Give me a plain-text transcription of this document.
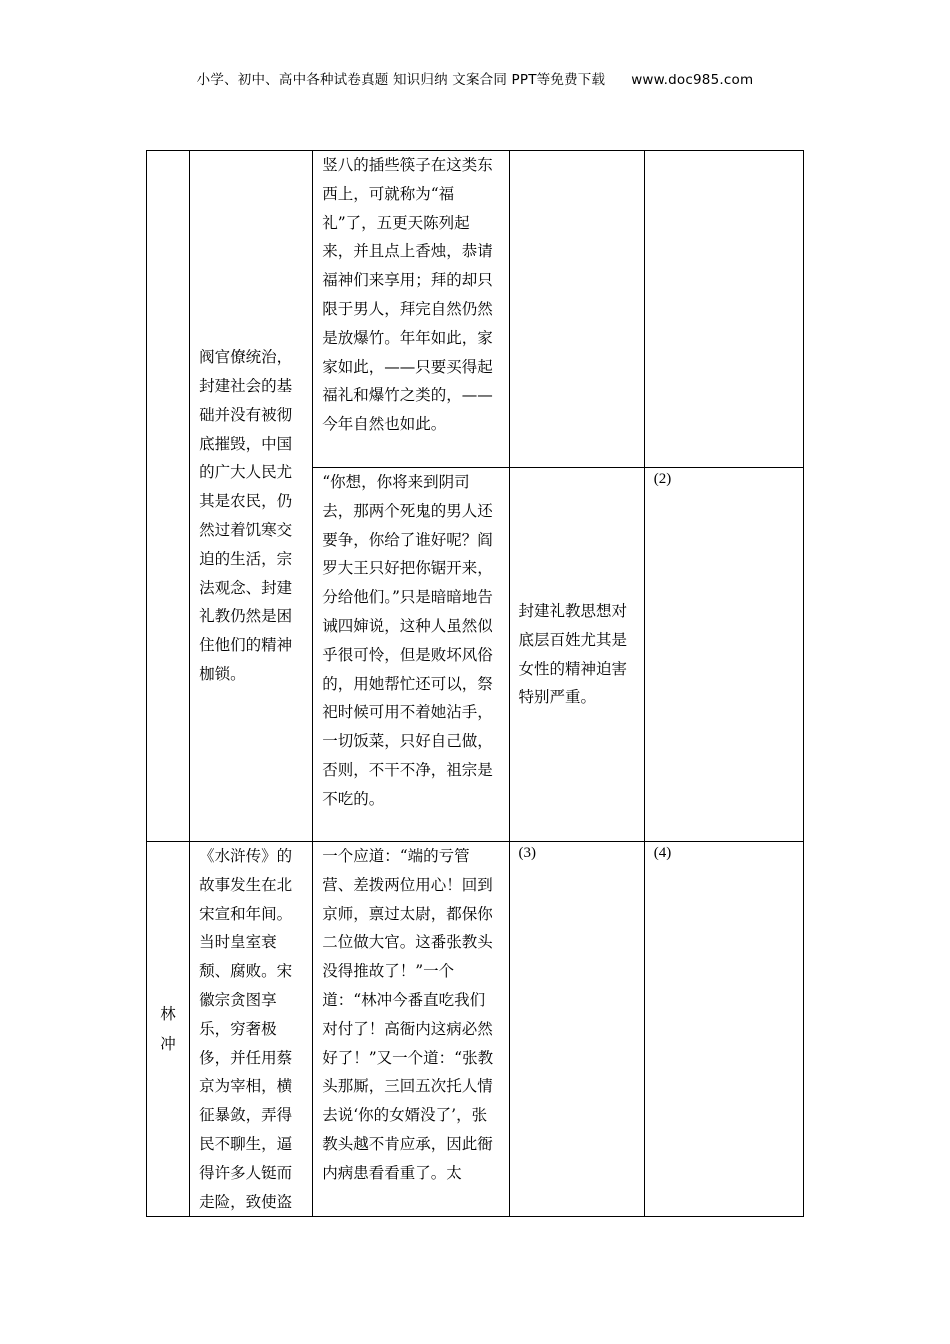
小学、初中、高中各种试卷真题 知识归纳 文案合同 PPT等免费下载 www.doc985.com

	阀官僚统治，封建社会的基础并没有被彻底摧毁，中国的广大人民尤其是农民，仍然过着饥寒交迫的生活，宗法观念、封建礼教仍然是困住他们的精神枷锁。	竖八的插些筷子在这类东西上，可就称为“福礼”了，五更天陈列起来，并且点上香烛，恭请福神们来享用；拜的却只限于男人，拜完自然仍然是放爆竹。年年如此，家家如此，——只要买得起福礼和爆竹之类的，——今年自然也如此。		

		“你想，你将来到阴司去，那两个死鬼的男人还要争，你给了谁好呢？阎罗大王只好把你锯开来，分给他们。”只是暗暗地告诫四婶说，这种人虽然似乎很可怜，但是败坏风俗的，用她帮忙还可以，祭祀时候可用不着她沾手，一切饭菜，只好自己做，否则，不干不净，祖宗是不吃的。	封建礼教思想对底层百姓尤其是女性的精神迫害特别严重。	(2)

林冲	《水浒传》的故事发生在北宋宣和年间。当时皇室衰颓、腐败。宋徽宗贪图享乐，穷奢极侈，并任用蔡京为宰相，横征暴敛，弄得民不聊生，逼得许多人铤而走险，致使盗	一个应道：“端的亏管营、差拨两位用心！回到京师，禀过太尉，都保你二位做大官。这番张教头没得推故了！”一个道：“林冲今番直吃我们对付了！高衙内这病必然好了！”又一个道：“张教头那厮，三回五次托人情去说‘你的女婿没了’，张教头越不肯应承，因此衙内病患看看重了。太	(3)	(4)
